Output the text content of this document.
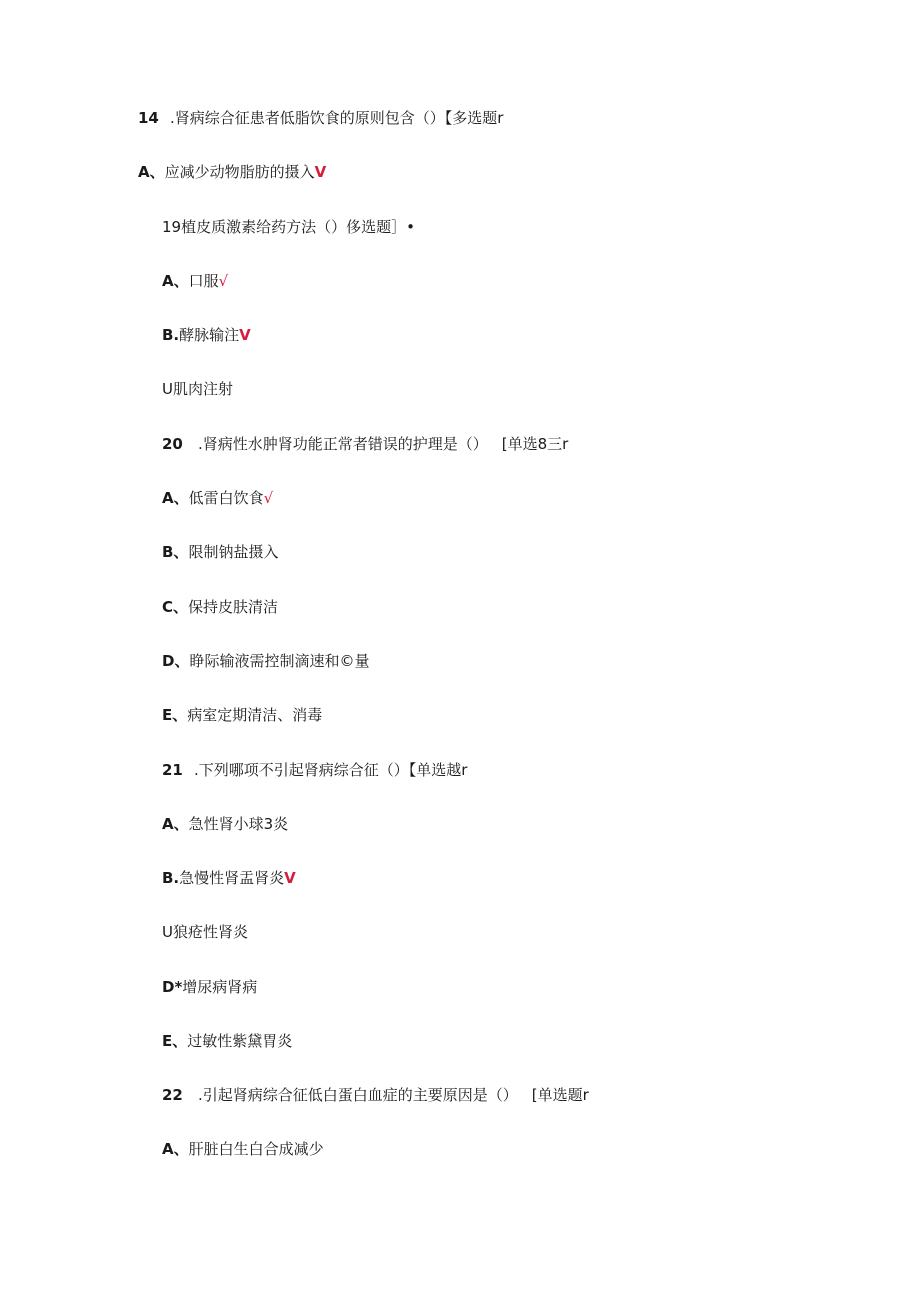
14 .肾病综合征患者低脂饮食的原则包含（）【多选题r
A、应减少动物脂肪的摄入V
19植皮质激素给药方法（）侈选题］•
A、口服√
B.酵脉输注V
U肌肉注射
20 .肾病性水肿肾功能正常者错误的护理是（） [单选8三r
A、低雷白饮食√
B、限制钠盐摄入
C、保持皮肤清洁
D、睁际输液需控制滴速和©量
E、病室定期清洁、消毒
21 .下列哪项不引起肾病综合征（）【单选越r
A、急性肾小球3炎
B.急慢性肾盂肾炎V
U狼疮性肾炎
D*增尿病肾病
E、过敏性紫黛胃炎
22 .引起肾病综合征低白蛋白血症的主要原因是（） [单选题r
A、肝脏白生白合成减少
